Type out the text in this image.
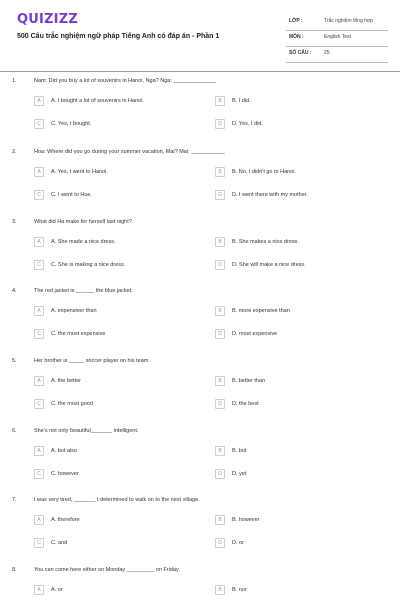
QUIZIZZ
500 Câu trắc nghiệm ngữ pháp Tiếng Anh có đáp án - Phần 1
LỚP :	Trắc nghiệm tổng hợp
MÔN :	English Test
SỐ CÂU :	25
1.	Nam: Did you buy a lot of souvenirs in Hanoi, Nga? Nga: ______________
A	A. I bought a lot of souvenirs in Hanoi.	B	B. I did.
C	C. Yes, I bought.	D	D. Yes, I did.
2.	Hoa: Where did you go during your summer vacation, Mai? Mai: ___________
A	A. Yes, I went to Hanoi.	B	B. No, I didn't go to Hanoi.
C	C. I went to Hue.	D	D. I went there with my mother.
3.	What did Ha make for herself last night?
A	A. She made a nice dress.	B	B. She makes a nice dress.
C	C. She is making a nice dress.	D	D. She will make a nice dress.
4.	The red jacket is ______ the blue jacket.
A	A. expensiver than	B	B. more expensive than
C	C. the most expensive	D	D. most expensive
5.	Her brother is _____ soccer player on his team.
A	A. the better	B	B. better than
C	C. the most good	D	D. the best
6.	She's not only beautiful_______ intelligent.
A	A. but also	B	B. but
C	C. however	D	D. yet
7.	I was very tired, _______ I determined to walk on to the next village.
A	A. therefore	B	B. however
C	C. and	D	D. or
8.	You can come here either on Monday _________ on Friday.
A	A. or	B	B. nor
